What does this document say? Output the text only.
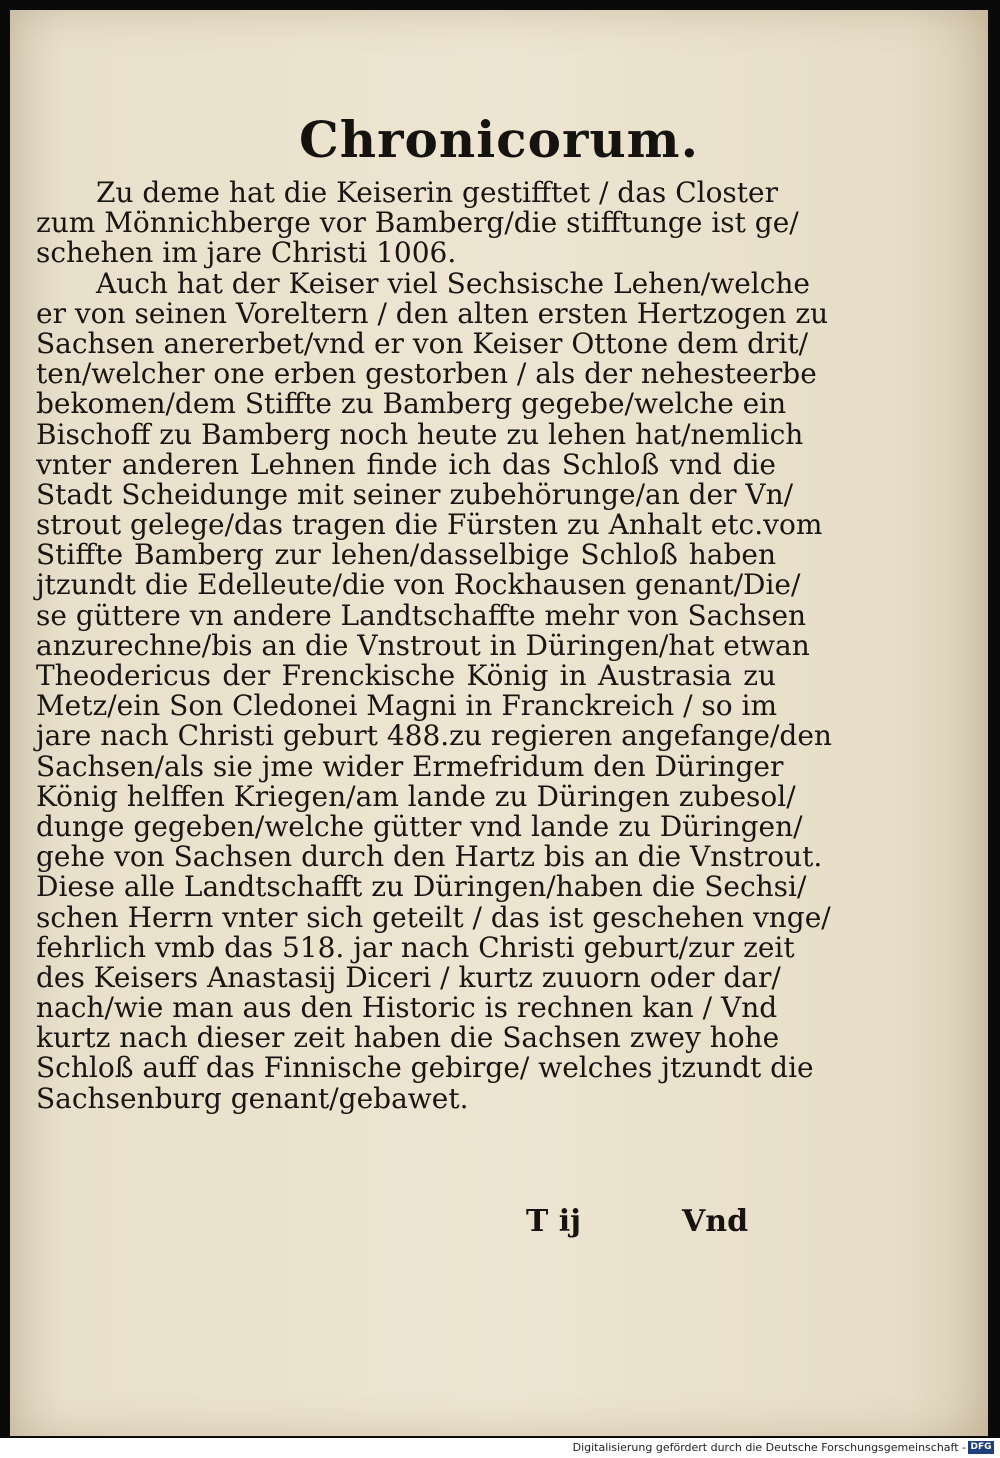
Chronicorum.
Zu deme hat die Keiserin gestifftet / das Closter
zum Mönnichberge vor Bamberg/die stifftunge ist ge/
schehen im jare Christi 1006.
Auch hat der Keiser viel Sechsische Lehen/welche
er von seinen Voreltern / den alten ersten Hertzogen zu
Sachsen anererbet/vnd er von Keiser Ottone dem drit/
ten/welcher one erben gestorben / als der nehesteerbe
bekomen/dem Stiffte zu Bamberg gegebe/welche ein
Bischoff zu Bamberg noch heute zu lehen hat/nemlich
vnter anderen Lehnen finde ich das Schloß vnd die
Stadt Scheidunge mit seiner zubehörunge/an der Vn/
strout gelege/das tragen die Fürsten zu Anhalt etc.vom
Stiffte Bamberg zur lehen/dasselbige Schloß haben
jtzundt die Edelleute/die von Rockhausen genant/Die/
se güttere vn andere Landtschaffte mehr von Sachsen
anzurechne/bis an die Vnstrout in Düringen/hat etwan
Theodericus der Frenckische König in Austrasia zu
Metz/ein Son Cledonei Magni in Franckreich / so im
jare nach Christi geburt 488.zu regieren angefange/den
Sachsen/als sie jme wider Ermefridum den Düringer
König helffen Kriegen/am lande zu Düringen zubesol/
dunge gegeben/welche gütter vnd lande zu Düringen/
gehe von Sachsen durch den Hartz bis an die Vnstrout.
Diese alle Landtschafft zu Düringen/haben die Sechsi/
schen Herrn vnter sich geteilt / das ist geschehen vnge/
fehrlich vmb das 518. jar nach Christi geburt/zur zeit
des Keisers Anastasij Diceri / kurtz zuuorn oder dar/
nach/wie man aus den Historic is rechnen kan / Vnd
kurtz nach dieser zeit haben die Sachsen zwey hohe
Schloß auff das Finnische gebirge/ welches jtzundt die
Sachsenburg genant/gebawet.
T ij	Vnd
Digitalisierung gefördert durch die Deutsche Forschungsgemeinschaft - DFG
